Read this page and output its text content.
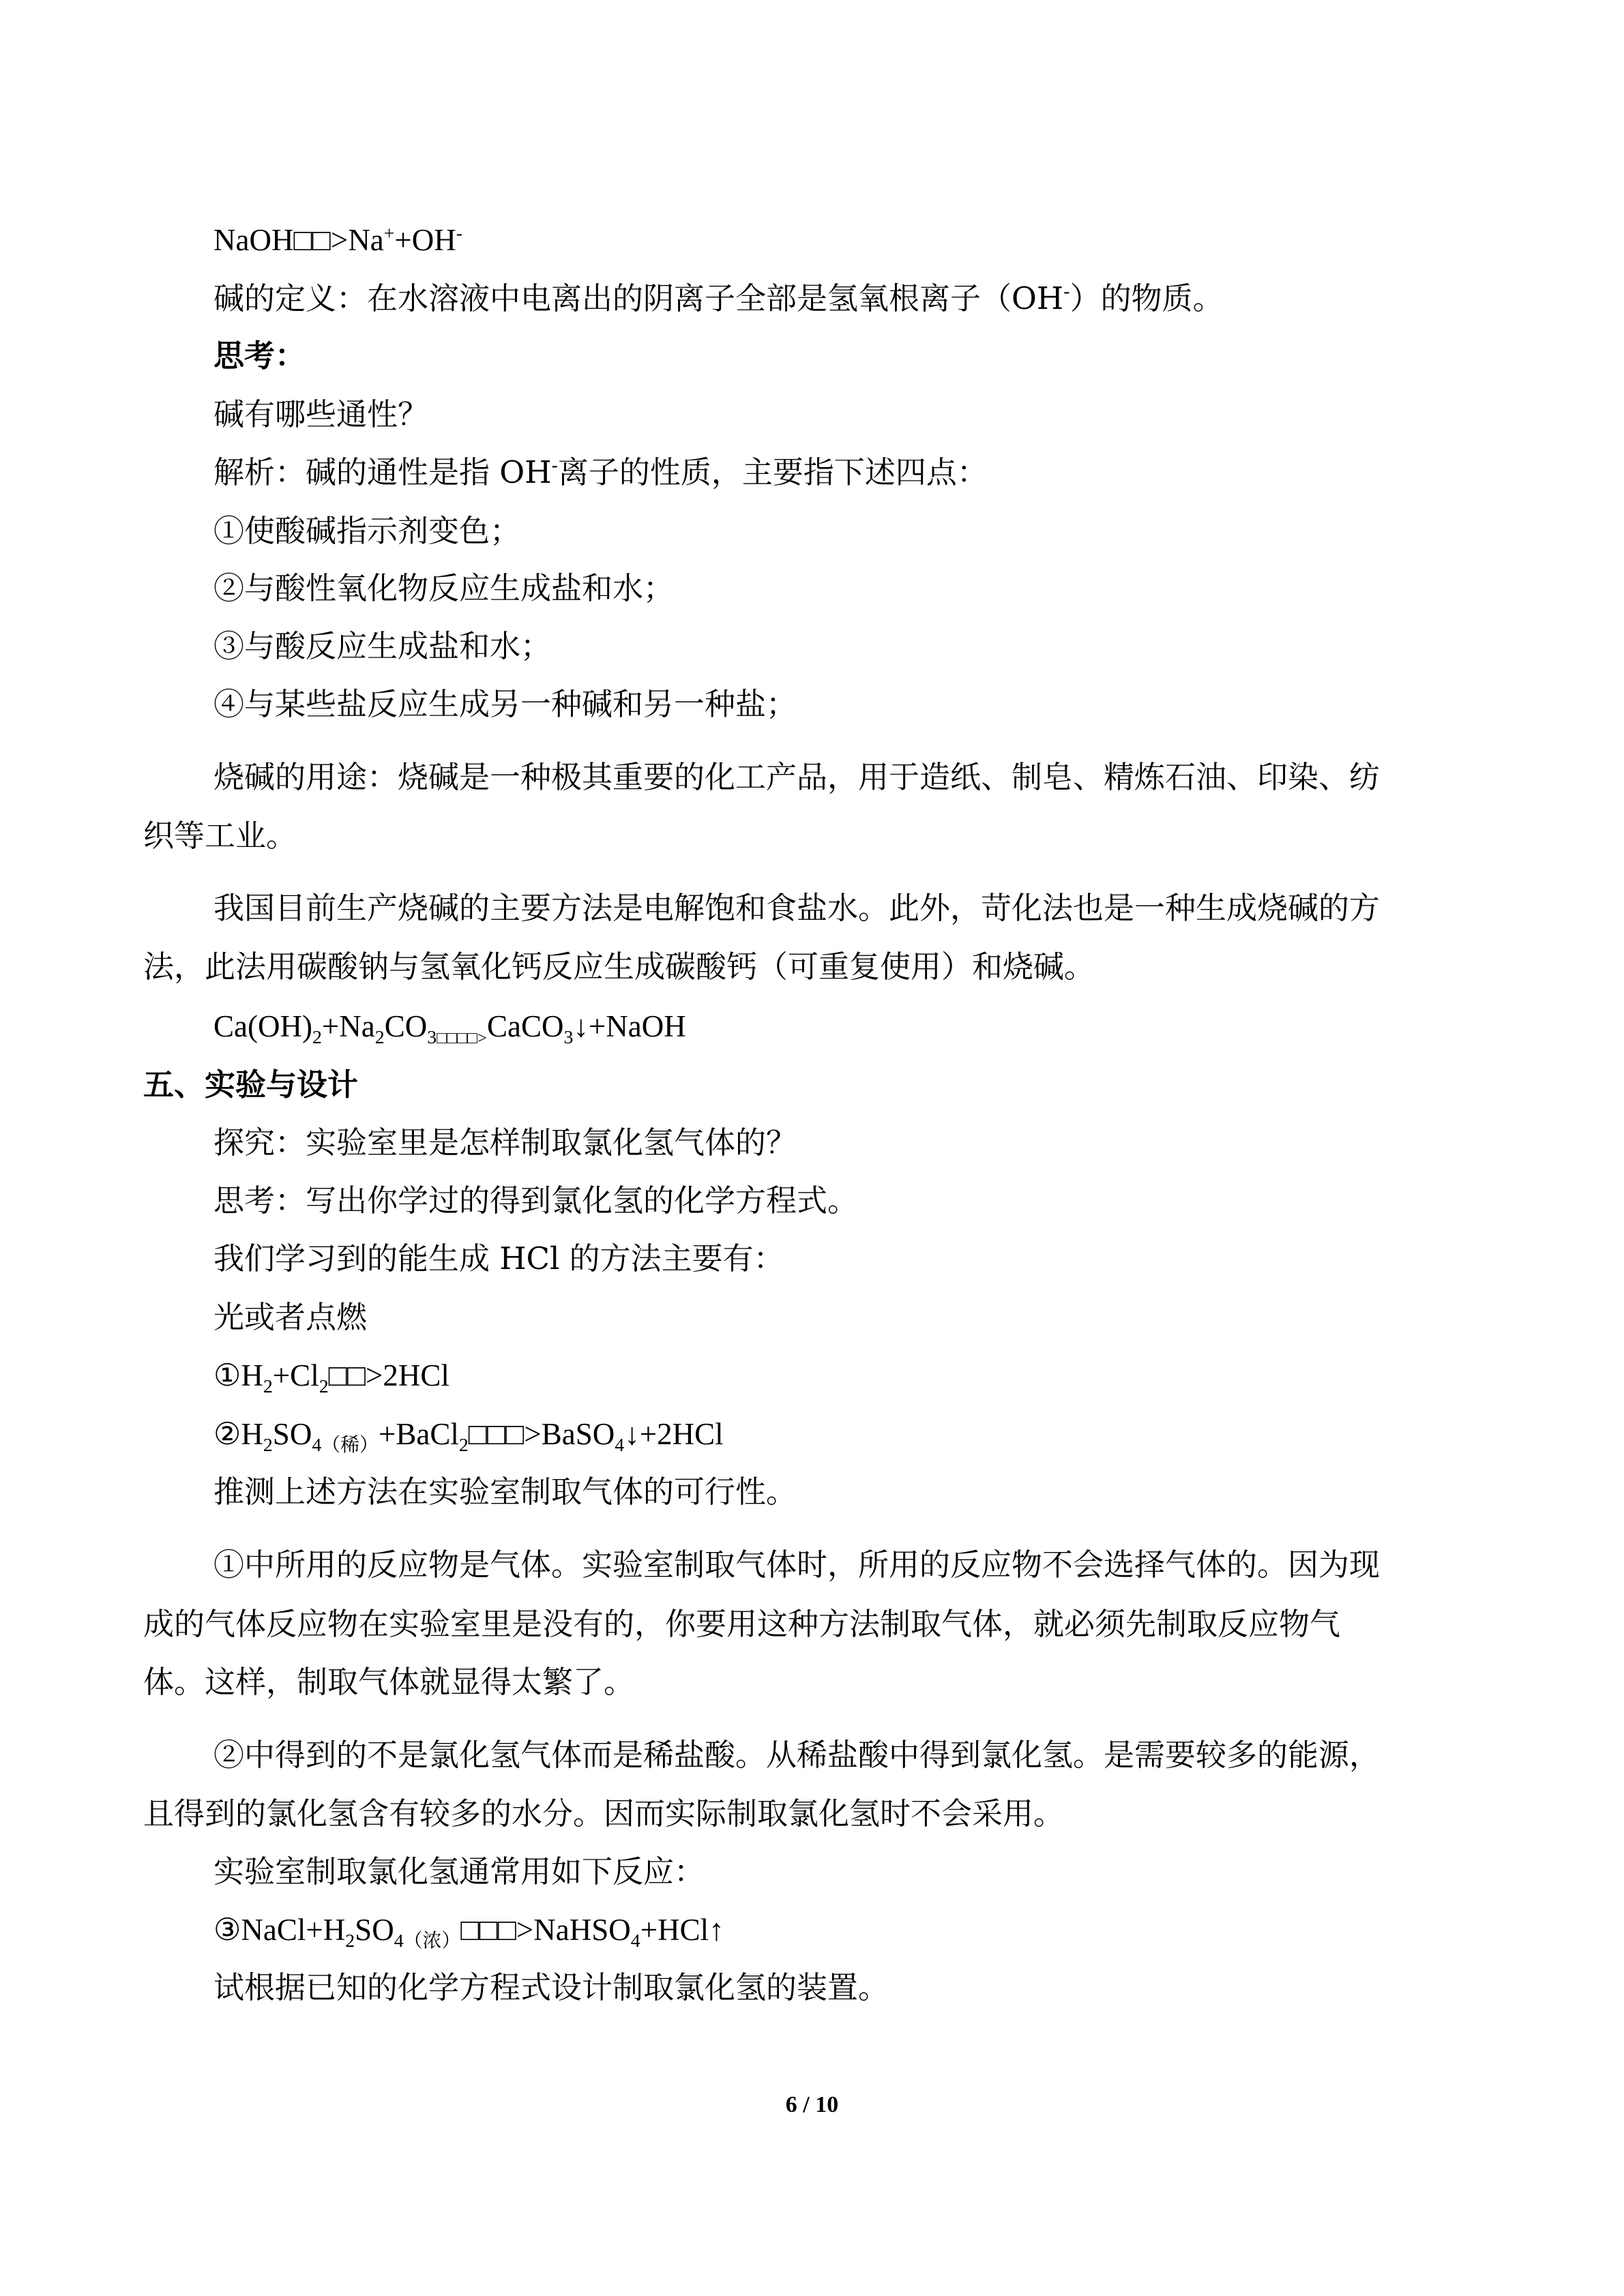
NaOH□□>Na++OH-
碱的定义：在水溶液中电离出的阴离子全部是氢氧根离子（OH-）的物质。
思考：
碱有哪些通性？
解析：碱的通性是指 OH-离子的性质，主要指下述四点：
①使酸碱指示剂变色；
②与酸性氧化物反应生成盐和水；
③与酸反应生成盐和水；
④与某些盐反应生成另一种碱和另一种盐；
烧碱的用途：烧碱是一种极其重要的化工产品，用于造纸、制皂、精炼石油、印染、纺
织等工业。
我国目前生产烧碱的主要方法是电解饱和食盐水。此外，苛化法也是一种生成烧碱的方
法，此法用碳酸钠与氢氧化钙反应生成碳酸钙（可重复使用）和烧碱。
$Ca(OH)_2+Na_2CO_{3□□□□>}CaCO_3↓+NaOH$
五、实验与设计
探究：实验室里是怎样制取氯化氢气体的？
思考：写出你学过的得到氯化氢的化学方程式。
我们学习到的能生成 HCl 的方法主要有：
光或者点燃
$①H_2+Cl_2□□>2HCl$
$②H_2SO_{4(稀)}+BaCl_2□□□>BaSO_4↓+2HCl$
推测上述方法在实验室制取气体的可行性。
①中所用的反应物是气体。实验室制取气体时，所用的反应物不会选择气体的。因为现
成的气体反应物在实验室里是没有的，你要用这种方法制取气体，就必须先制取反应物气
体。这样，制取气体就显得太繁了。
②中得到的不是氯化氢气体而是稀盐酸。从稀盐酸中得到氯化氢。是需要较多的能源，
且得到的氯化氢含有较多的水分。因而实际制取氯化氢时不会采用。
实验室制取氯化氢通常用如下反应：
$③NaCl+H_2SO_{4(浓)}□□□>NaHSO_4+HCl↑$
试根据已知的化学方程式设计制取氯化氢的装置。
6 / 10
